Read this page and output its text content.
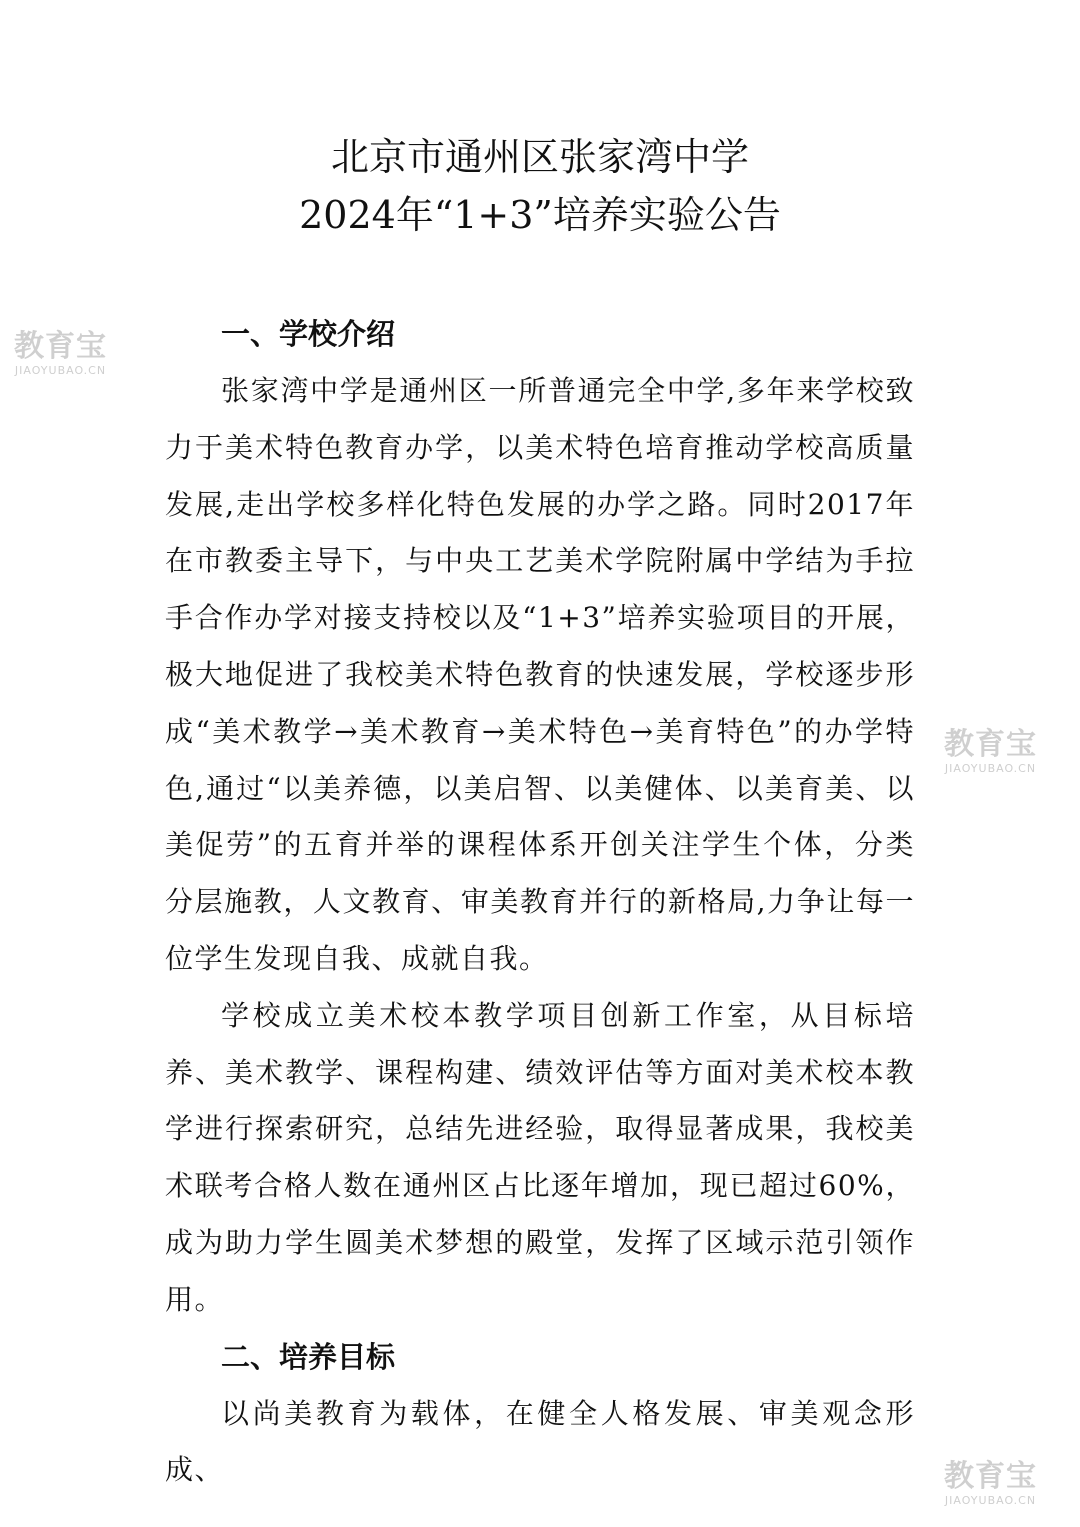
北京市通州区张家湾中学
2024年“1+3”培养实验公告
一、学校介绍

张家湾中学是通州区一所普通完全中学,多年来学校致力于美术特色教育办学，以美术特色培育推动学校高质量发展,走出学校多样化特色发展的办学之路。同时2017年在市教委主导下，与中央工艺美术学院附属中学结为手拉手合作办学对接支持校以及“1+3”培养实验项目的开展，极大地促进了我校美术特色教育的快速发展，学校逐步形成“美术教学→美术教育→美术特色→美育特色”的办学特色,通过“以美养德，以美启智、以美健体、以美育美、以美促劳”的五育并举的课程体系开创关注学生个体，分类分层施教，人文教育、审美教育并行的新格局,力争让每一位学生发现自我、成就自我。

学校成立美术校本教学项目创新工作室，从目标培养、美术教学、课程构建、绩效评估等方面对美术校本教学进行探索研究，总结先进经验，取得显著成果，我校美术联考合格人数在通州区占比逐年增加，现已超过60%，成为助力学生圆美术梦想的殿堂，发挥了区域示范引领作用。

二、培养目标

以尚美教育为载体，在健全人格发展、审美观念形成、

教育宝
JIAOYUBAO.CN
教育宝
JIAOYUBAO.CN
教育宝
JIAOYUBAO.CN
